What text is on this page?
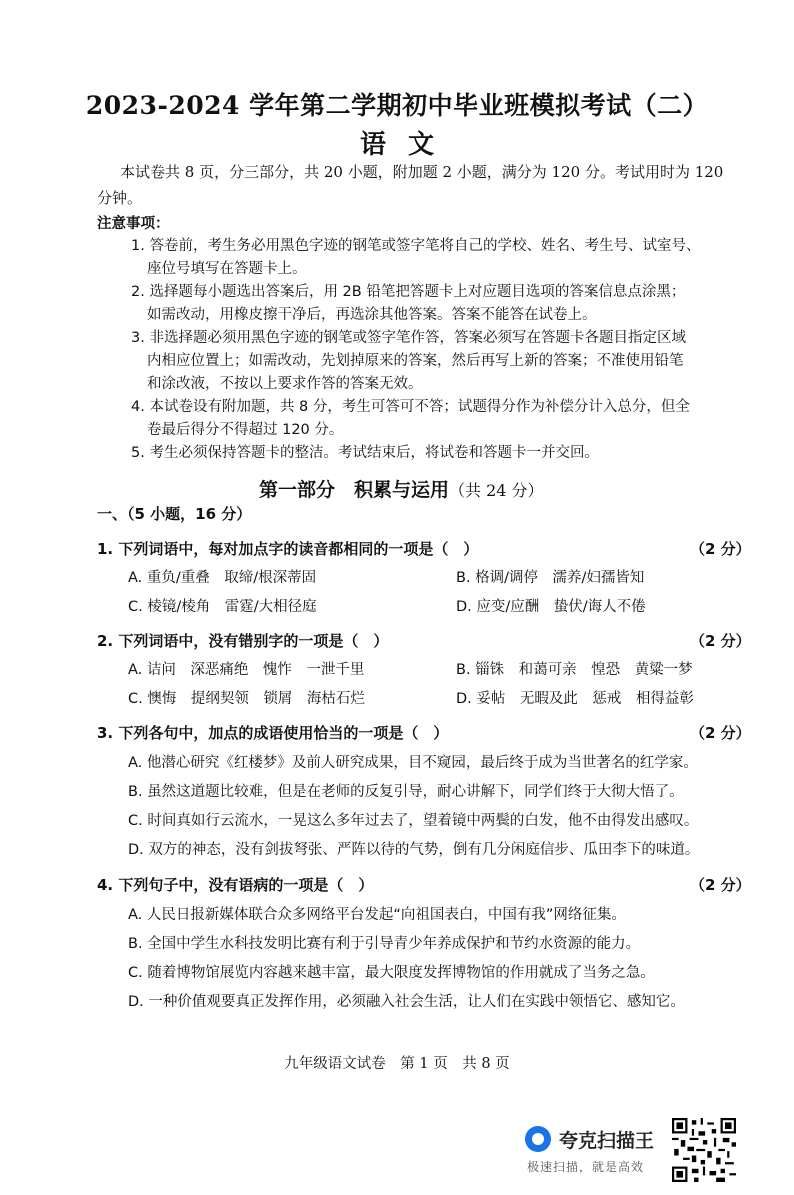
2023-2024 学年第二学期初中毕业班模拟考试（二）
语文
本试卷共 8 页，分三部分，共 20 小题，附加题 2 小题，满分为 120 分。考试用时为 120
分钟。
注意事项：
1. 答卷前，考生务必用黑色字迹的钢笔或签字笔将自己的学校、姓名、考生号、试室号、
座位号填写在答题卡上。
2. 选择题每小题选出答案后，用 2B 铅笔把答题卡上对应题目选项的答案信息点涂黑；
如需改动，用橡皮擦干净后，再选涂其他答案。答案不能答在试卷上。
3. 非选择题必须用黑色字迹的钢笔或签字笔作答，答案必须写在答题卡各题目指定区域
内相应位置上；如需改动，先划掉原来的答案，然后再写上新的答案；不准使用铅笔
和涂改液，不按以上要求作答的答案无效。
4. 本试卷设有附加题，共 8 分，考生可答可不答；试题得分作为补偿分计入总分，但全
卷最后得分不得超过 120 分。
5. 考生必须保持答题卡的整洁。考试结束后，将试卷和答题卡一并交回。
第一部分　积累与运用（共 24 分）
一、（5 小题，16 分）
1. 下列词语中，每对加点字的读音都相同的一项是（　）	（2 分）
A. 重负/重叠　取缔/根深蒂固	B. 格调/调停　濡养/妇孺皆知
C. 棱镜/棱角　雷霆/大相径庭	D. 应变/应酬　蛰伏/诲人不倦
2. 下列词语中，没有错别字的一项是（　）	（2 分）
A. 诘问　深恶痛绝　愧怍　一泄千里	B. 锱铢　和蔼可亲　惶恐　黄粱一梦
C. 懊悔　提纲契领　锁屑　海枯石烂	D. 妥帖　无暇及此　惩戒　相得益彰
3. 下列各句中，加点的成语使用恰当的一项是（　）	（2 分）
A. 他潜心研究《红楼梦》及前人研究成果，目不窥园，最后终于成为当世著名的红学家。
B. 虽然这道题比较难，但是在老师的反复引导，耐心讲解下，同学们终于大彻大悟了。
C. 时间真如行云流水，一晃这么多年过去了，望着镜中两鬓的白发，他不由得发出感叹。
D. 双方的神态，没有剑拔弩张、严阵以待的气势，倒有几分闲庭信步、瓜田李下的味道。
4. 下列句子中，没有语病的一项是（　）	（2 分）
A. 人民日报新媒体联合众多网络平台发起“向祖国表白，中国有我”网络征集。
B. 全国中学生水科技发明比赛有利于引导青少年养成保护和节约水资源的能力。
C. 随着博物馆展览内容越来越丰富，最大限度发挥博物馆的作用就成了当务之急。
D. 一种价值观要真正发挥作用，必须融入社会生活，让人们在实践中领悟它、感知它。
九年级语文试卷　第 1 页　共 8 页
夸克扫描王
极速扫描，就是高效
